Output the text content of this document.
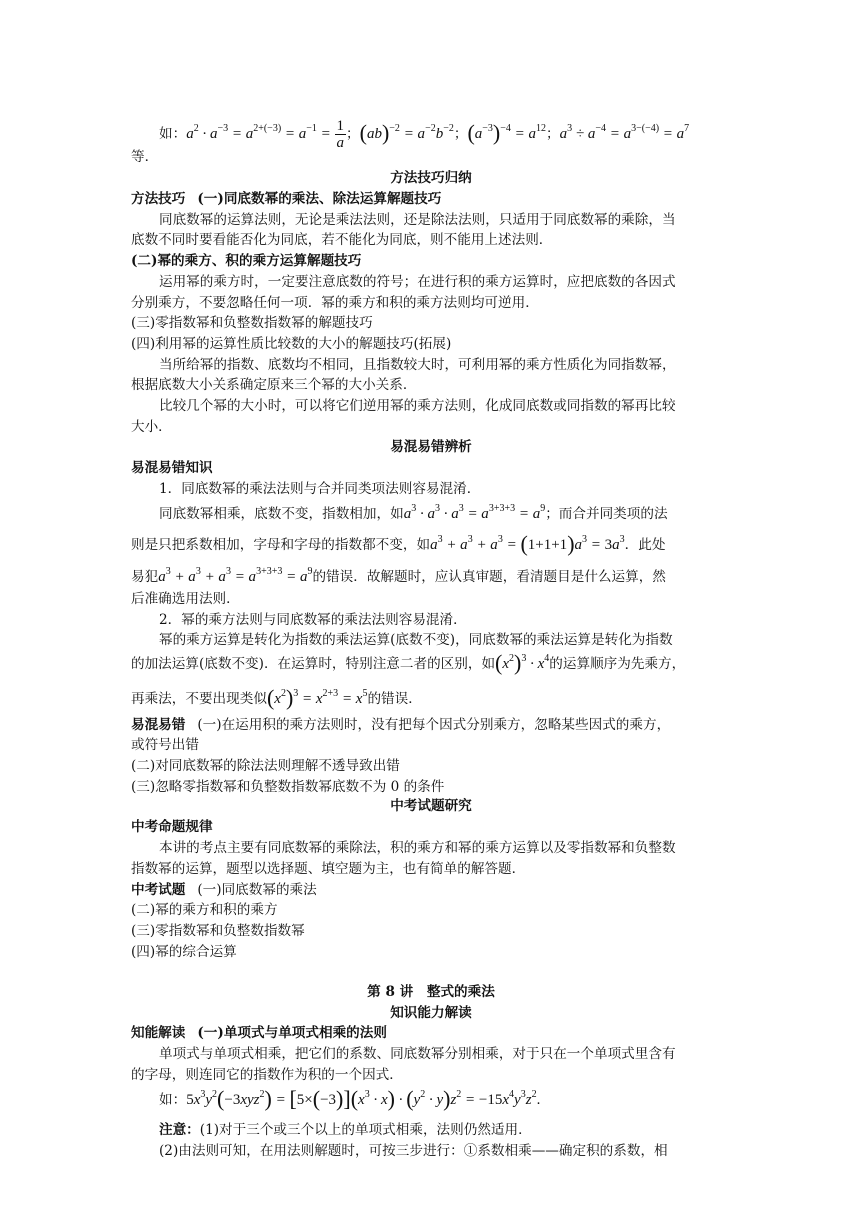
如：$a^2 \cdot a^{-3} = a^{2+(-3)} = a^{-1} = \frac{1}{a}$ ；$(ab)^{-2} = a^{-2}b^{-2}$；$(a^{-3})^{-4} = a^{12}$；$a^3 \div a^{-4} = a^{3-(-4)} = a^7$
等．
方法技巧归纳
方法技巧 (一)同底数幂的乘法、除法运算解题技巧
同底数幂的运算法则，无论是乘法法则，还是除法法则，只适用于同底数幂的乘除，当
底数不同时要看能否化为同底，若不能化为同底，则不能用上述法则．
(二)幂的乘方、积的乘方运算解题技巧
运用幂的乘方时，一定要注意底数的符号；在进行积的乘方运算时，应把底数的各因式
分别乘方，不要忽略任何一项．幂的乘方和积的乘方法则均可逆用．
(三)零指数幂和负整数指数幂的解题技巧
(四)利用幂的运算性质比较数的大小的解题技巧(拓展)
当所给幂的指数、底数均不相同，且指数较大时，可利用幂的乘方性质化为同指数幂，
根据底数大小关系确定原来三个幂的大小关系．
比较几个幂的大小时，可以将它们逆用幂的乘方法则，化成同底数或同指数的幂再比较
大小．
易混易错辨析
易混易错知识
1．同底数幂的乘法法则与合并同类项法则容易混淆．
同底数幂相乘，底数不变，指数相加，如$a^3 \cdot a^3 \cdot a^3 = a^{3+3+3} = a^9$；而合并同类项的法
则是只把系数相加，字母和字母的指数都不变，如$a^3 + a^3 + a^3 = (1+1+1)a^3 = 3a^3$．此处
易犯$a^3 + a^3 + a^3 = a^{3+3+3} = a^9$的错误．故解题时，应认真审题，看清题目是什么运算，然
后准确选用法则．
2．幂的乘方法则与同底数幂的乘法法则容易混淆．
幂的乘方运算是转化为指数的乘法运算(底数不变)，同底数幂的乘法运算是转化为指数
的加法运算(底数不变)．在运算时，特别注意二者的区别，如$(x^2)^3 \cdot x^4$的运算顺序为先乘方，
再乘法，不要出现类似$(x^2)^3 = x^{2+3} = x^5$的错误．
易混易错 (一)在运用积的乘方法则时，没有把每个因式分别乘方，忽略某些因式的乘方，
或符号出错
(二)对同底数幂的除法法则理解不透导致出错
(三)忽略零指数幂和负整数指数幂底数不为 0 的条件
中考试题研究
中考命题规律
本讲的考点主要有同底数幂的乘除法，积的乘方和幂的乘方运算以及零指数幂和负整数
指数幂的运算，题型以选择题、填空题为主，也有简单的解答题．
中考试题 (一)同底数幂的乘法
(二)幂的乘方和积的乘方
(三)零指数幂和负整数指数幂
(四)幂的综合运算
第 8 讲　整式的乘法
知识能力解读
知能解读 (一)单项式与单项式相乘的法则
单项式与单项式相乘，把它们的系数、同底数幂分别相乘，对于只在一个单项式里含有
的字母，则连同它的指数作为积的一个因式．
如：$5x^3y^2(-3xyz^2) = [5\times(-3)](x^3 \cdot x) \cdot (y^2 \cdot y)z^2 = -15x^4y^3z^2$.
注意：(1)对于三个或三个以上的单项式相乘，法则仍然适用．
(2)由法则可知，在用法则解题时，可按三步进行：①系数相乘——确定积的系数，相
